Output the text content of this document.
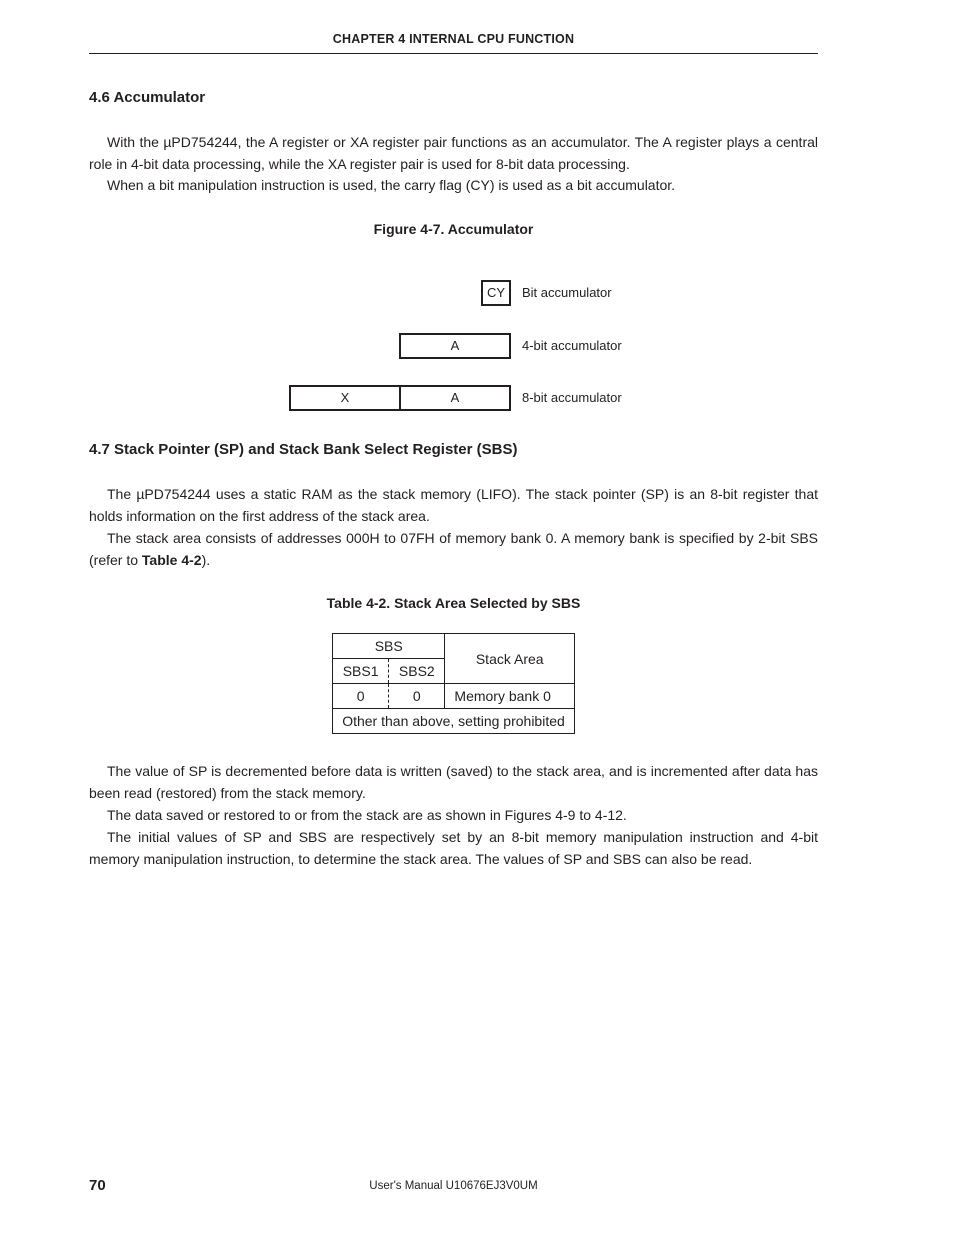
CHAPTER 4 INTERNAL CPU FUNCTION
4.6 Accumulator

With the µPD754244, the A register or XA register pair functions as an accumulator. The A register plays a central role in 4-bit data processing, while the XA register pair is used for 8-bit data processing.

When a bit manipulation instruction is used, the carry flag (CY) is used as a bit accumulator.

Figure 4-7. Accumulator
CY	Bit accumulator
A	4-bit accumulator
X	A	8-bit accumulator
4.7 Stack Pointer (SP) and Stack Bank Select Register (SBS)

The µPD754244 uses a static RAM as the stack memory (LIFO). The stack pointer (SP) is an 8-bit register that holds information on the first address of the stack area.

The stack area consists of addresses 000H to 07FH of memory bank 0. A memory bank is specified by 2-bit SBS (refer to Table 4-2).

Table 4-2. Stack Area Selected by SBS
SBS		Stack Area
SBS1	SBS2	
0	0	Memory bank 0
Other than above, setting prohibited		

The value of SP is decremented before data is written (saved) to the stack area, and is incremented after data has been read (restored) from the stack memory.

The data saved or restored to or from the stack are as shown in Figures 4-9 to 4-12.

The initial values of SP and SBS are respectively set by an 8-bit memory manipulation instruction and 4-bit memory manipulation instruction, to determine the stack area. The values of SP and SBS can also be read.

70	User's Manual U10676EJ3V0UM
